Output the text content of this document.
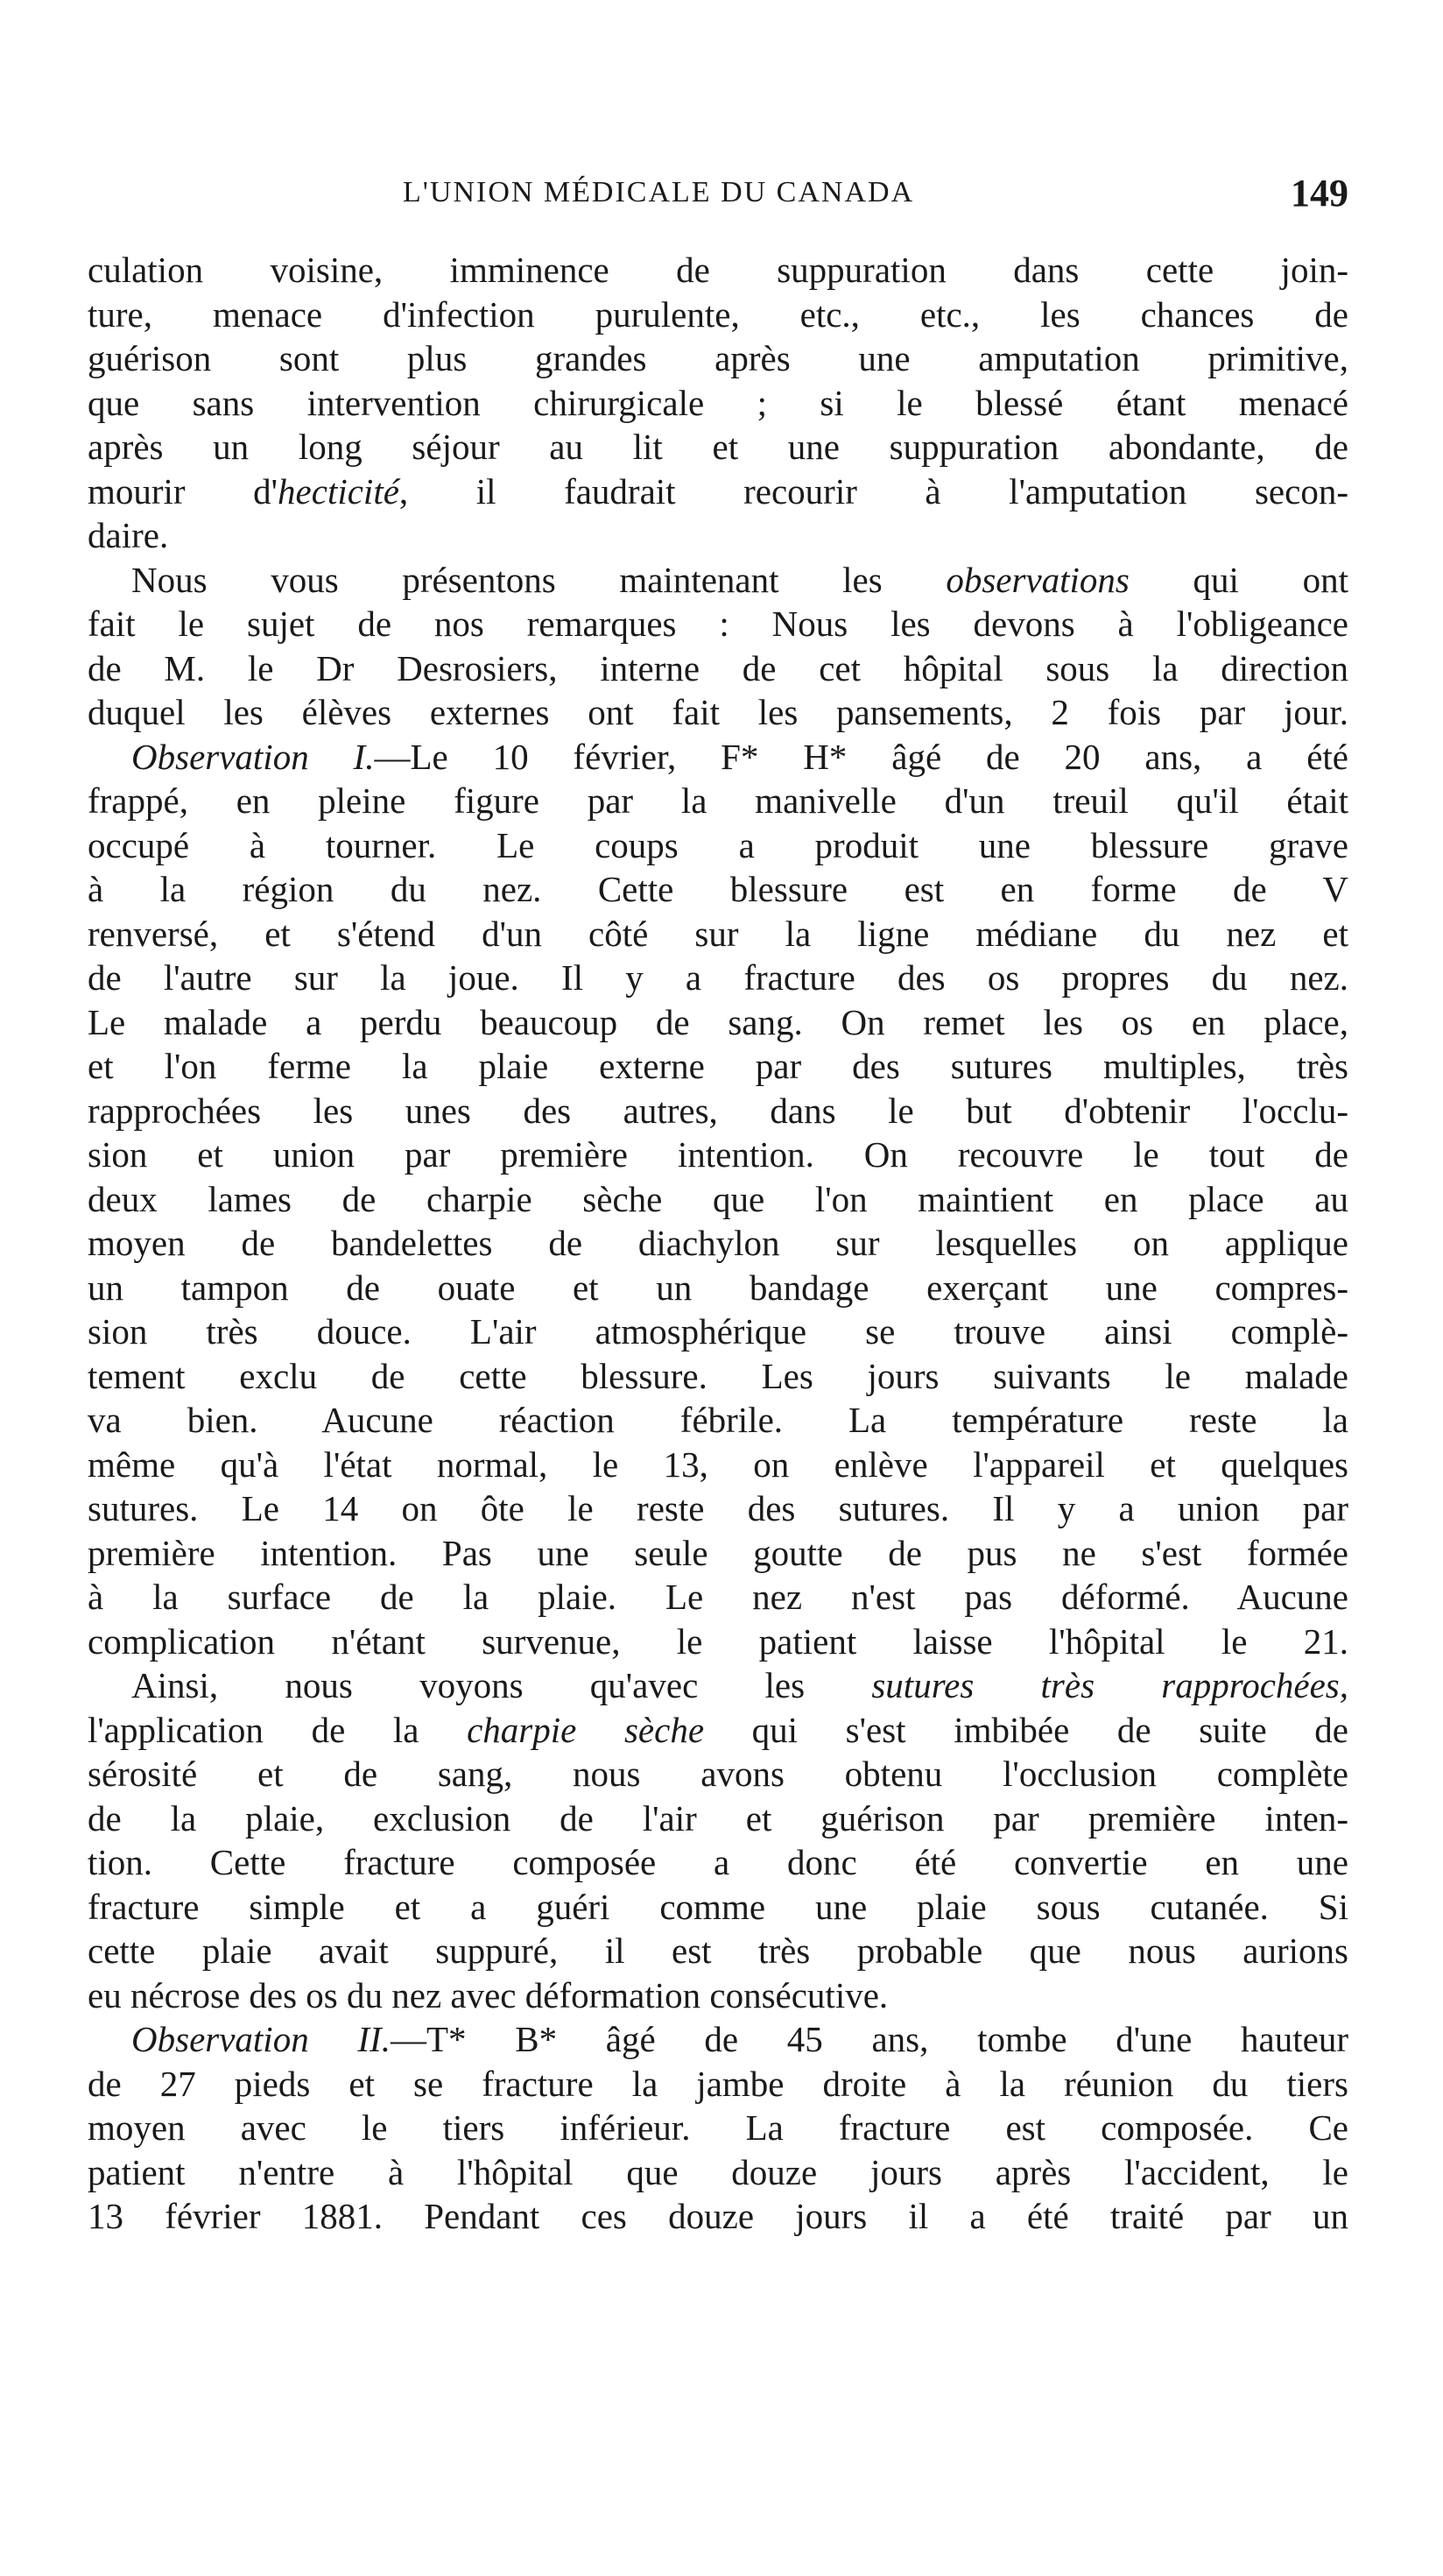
L'UNION MÉDICALE DU CANADA	149
culation voisine, imminence de suppuration dans cette join-
ture, menace d'infection purulente, etc., etc., les chances de
guérison sont plus grandes après une amputation primitive,
que sans intervention chirurgicale ; si le blessé étant menacé
après un long séjour au lit et une suppuration abondante, de
mourir d'hecticité, il faudrait recourir à l'amputation secon-
daire.
Nous vous présentons maintenant les observations qui ont
fait le sujet de nos remarques : Nous les devons à l'obligeance
de M. le Dr Desrosiers, interne de cet hôpital sous la direction
duquel les élèves externes ont fait les pansements, 2 fois par jour.
Observation I.—Le 10 février, F* H* âgé de 20 ans, a été
frappé, en pleine figure par la manivelle d'un treuil qu'il était
occupé à tourner. Le coups a produit une blessure grave
à la région du nez. Cette blessure est en forme de V
renversé, et s'étend d'un côté sur la ligne médiane du nez et
de l'autre sur la joue. Il y a fracture des os propres du nez.
Le malade a perdu beaucoup de sang. On remet les os en place,
et l'on ferme la plaie externe par des sutures multiples, très
rapprochées les unes des autres, dans le but d'obtenir l'occlu-
sion et union par première intention. On recouvre le tout de
deux lames de charpie sèche que l'on maintient en place au
moyen de bandelettes de diachylon sur lesquelles on applique
un tampon de ouate et un bandage exerçant une compres-
sion très douce. L'air atmosphérique se trouve ainsi complè-
tement exclu de cette blessure. Les jours suivants le malade
va bien. Aucune réaction fébrile. La température reste la
même qu'à l'état normal, le 13, on enlève l'appareil et quelques
sutures. Le 14 on ôte le reste des sutures. Il y a union par
première intention. Pas une seule goutte de pus ne s'est formée
à la surface de la plaie. Le nez n'est pas déformé. Aucune
complication n'étant survenue, le patient laisse l'hôpital le 21.
Ainsi, nous voyons qu'avec les sutures très rapprochées,
l'application de la charpie sèche qui s'est imbibée de suite de
sérosité et de sang, nous avons obtenu l'occlusion complète
de la plaie, exclusion de l'air et guérison par première inten-
tion. Cette fracture composée a donc été convertie en une
fracture simple et a guéri comme une plaie sous cutanée. Si
cette plaie avait suppuré, il est très probable que nous aurions
eu nécrose des os du nez avec déformation consécutive.
Observation II.—T* B* âgé de 45 ans, tombe d'une hauteur
de 27 pieds et se fracture la jambe droite à la réunion du tiers
moyen avec le tiers inférieur. La fracture est composée. Ce
patient n'entre à l'hôpital que douze jours après l'accident, le
13 février 1881. Pendant ces douze jours il a été traité par un
